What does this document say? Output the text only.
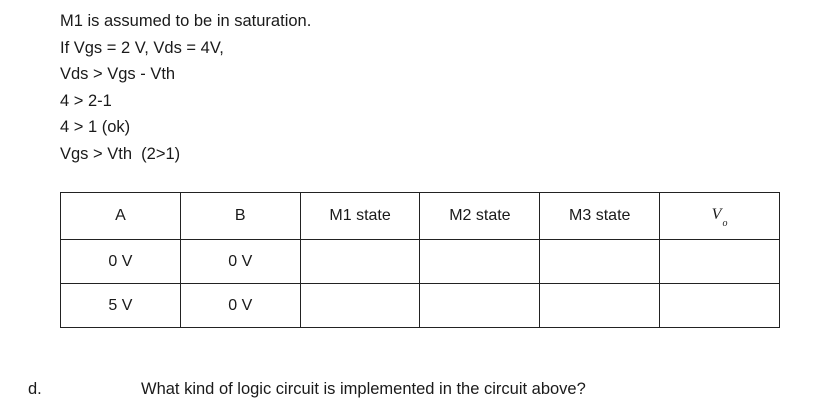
M1 is assumed to be in saturation.
If Vgs = 2 V, Vds = 4V,
Vds > Vgs - Vth
4 > 2-1
4 > 1 (ok)
Vgs > Vth  (2>1)
A	B	M1 state	M2 state	M3 state	$V_o$
0 V	0 V				
5 V	0 V				
d.	What kind of logic circuit is implemented in the circuit above?
